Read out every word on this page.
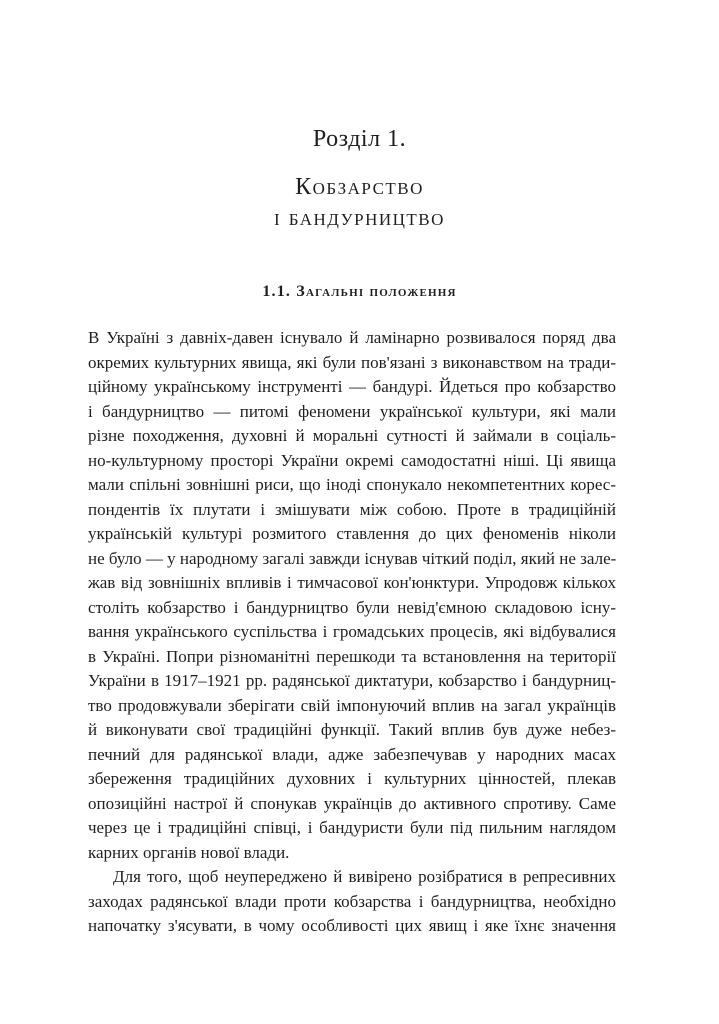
Розділ 1.
Кобзарство
і бандурництво
1.1. Загальні положення
В Україні з давніх-давен існувало й ламінарно розвивалося поряд два
окремих культурних явища, які були пов'язані з виконавством на тради-
ційному українському інструменті — бандурі. Йдеться про кобзарство
і бандурництво — питомі феномени української культури, які мали
різне походження, духовні й моральні сутності й займали в соціаль-
но-культурному просторі України окремі самодостатні ніші. Ці явища
мали спільні зовнішні риси, що іноді спонукало некомпетентних корес-
пондентів їх плутати і змішувати між собою. Проте в традиційній
українській культурі розмитого ставлення до цих феноменів ніколи
не було — у народному загалі завжди існував чіткий поділ, який не зале-
жав від зовнішніх впливів і тимчасової кон'юнктури. Упродовж кількох
століть кобзарство і бандурництво були невід'ємною складовою існу-
вання українського суспільства і громадських процесів, які відбувалися
в Україні. Попри різноманітні перешкоди та встановлення на території
України в 1917–1921 рр. радянської диктатури, кобзарство і бандурниц-
тво продовжували зберігати свій імпонуючий вплив на загал українців
й виконувати свої традиційні функції. Такий вплив був дуже небез-
печний для радянської влади, адже забезпечував у народних масах
збереження традиційних духовних і культурних цінностей, плекав
опозиційні настрої й спонукав українців до активного спротиву. Саме
через це і традиційні співці, і бандуристи були під пильним наглядом
карних органів нової влади.
Для того, щоб неупереджено й вивірено розібратися в репресивних
заходах радянської влади проти кобзарства і бандурництва, необхідно
напочатку з'ясувати, в чому особливості цих явищ і яке їхнє значення
